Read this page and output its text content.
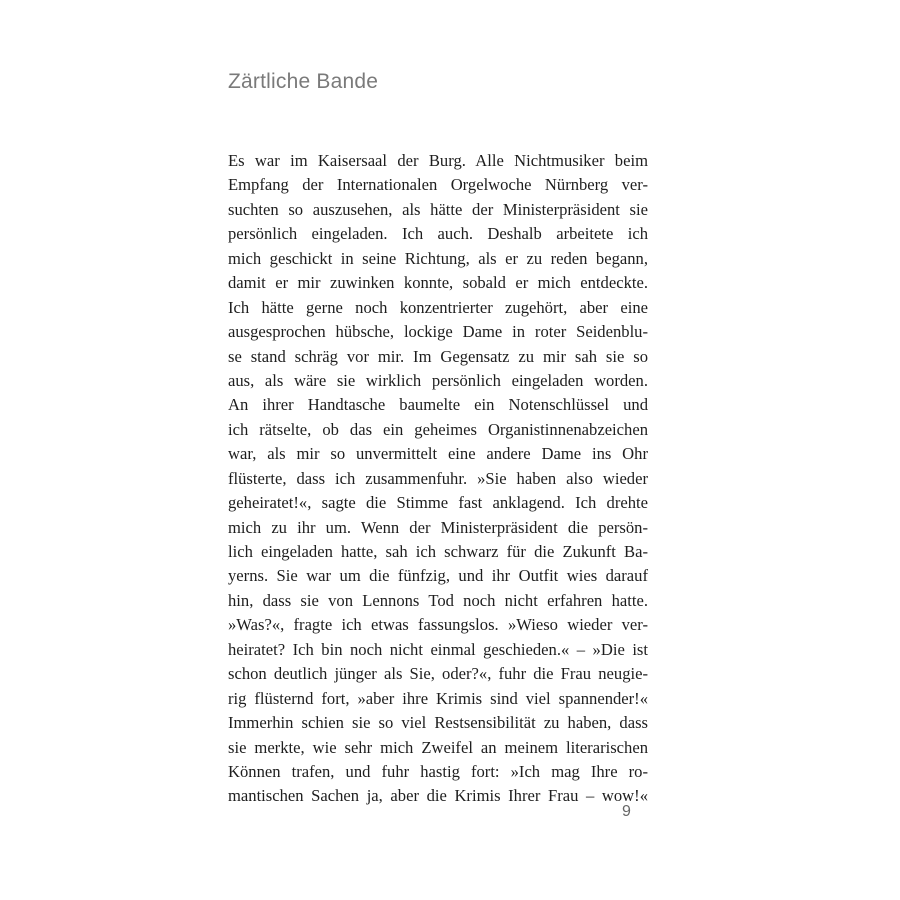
Zärtliche Bande
Es war im Kaisersaal der Burg. Alle Nichtmusiker beim
Empfang der Internationalen Orgelwoche Nürnberg ver-
suchten so auszusehen, als hätte der Ministerpräsident sie
persönlich eingeladen. Ich auch. Deshalb arbeitete ich
mich geschickt in seine Richtung, als er zu reden begann,
damit er mir zuwinken konnte, sobald er mich entdeckte.
Ich hätte gerne noch konzentrierter zugehört, aber eine
ausgesprochen hübsche, lockige Dame in roter Seidenblu-
se stand schräg vor mir. Im Gegensatz zu mir sah sie so
aus, als wäre sie wirklich persönlich eingeladen worden.
An ihrer Handtasche baumelte ein Notenschlüssel und
ich rätselte, ob das ein geheimes Organistinnenabzeichen
war, als mir so unvermittelt eine andere Dame ins Ohr
flüsterte, dass ich zusammenfuhr. »Sie haben also wieder
geheiratet!«, sagte die Stimme fast anklagend. Ich drehte
mich zu ihr um. Wenn der Ministerpräsident die persön-
lich eingeladen hatte, sah ich schwarz für die Zukunft Ba-
yerns. Sie war um die fünfzig, und ihr Outfit wies darauf
hin, dass sie von Lennons Tod noch nicht erfahren hatte.
»Was?«, fragte ich etwas fassungslos. »Wieso wieder ver-
heiratet? Ich bin noch nicht einmal geschieden.« – »Die ist
schon deutlich jünger als Sie, oder?«, fuhr die Frau neugie-
rig flüsternd fort, »aber ihre Krimis sind viel spannender!«
Immerhin schien sie so viel Restsensibilität zu haben, dass
sie merkte, wie sehr mich Zweifel an meinem literarischen
Können trafen, und fuhr hastig fort: »Ich mag Ihre ro-
mantischen Sachen ja, aber die Krimis Ihrer Frau – wow!«
9
